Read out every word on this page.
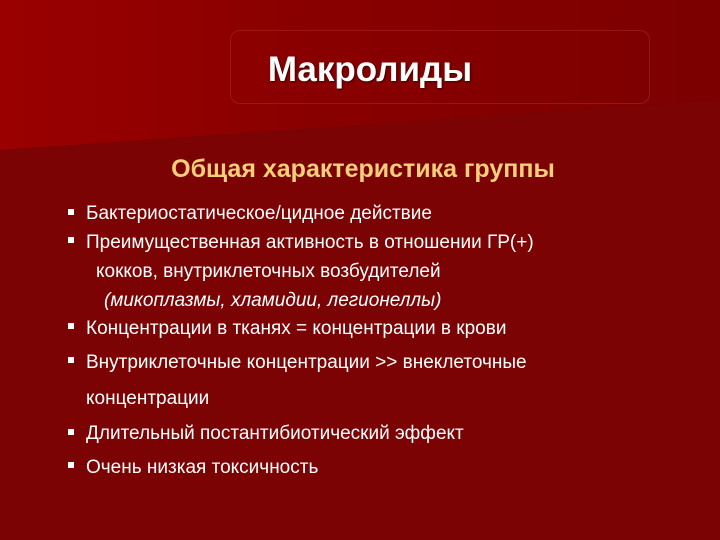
Макролиды
Общая характеристика группы
Бактериостатическое/цидное действие
Преимущественная активность в отношении ГР(+)
кокков, внутриклеточных возбудителей
(микоплазмы, хламидии, легионеллы)
Концентрации в тканях = концентрации в крови
Внутриклеточные концентрации >> внеклеточные
концентрации
Длительный постантибиотический эффект
Очень низкая токсичность
